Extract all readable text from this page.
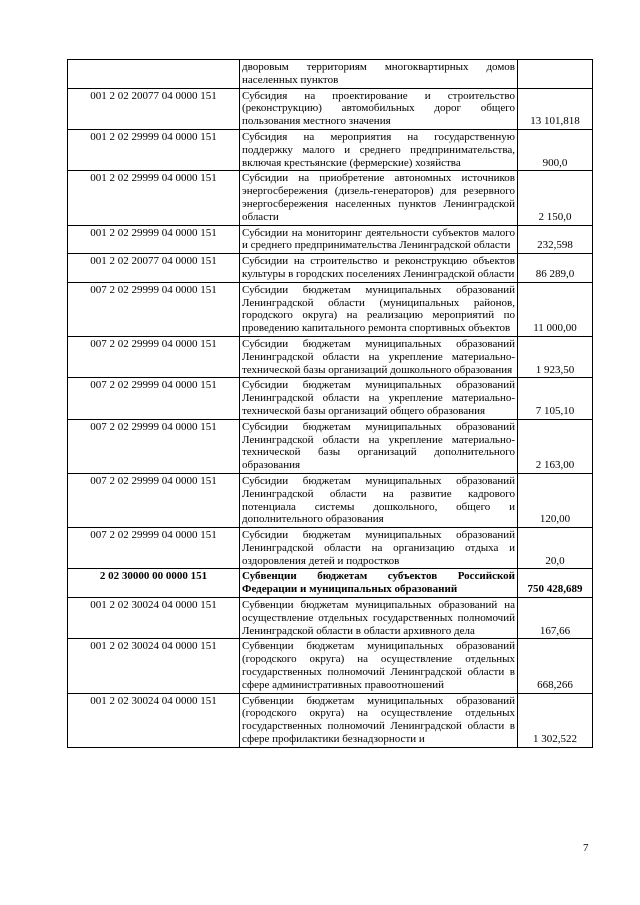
	дворовым территориям многоквартирных домов населенных пунктов	
001 2 02 20077 04 0000 151	Субсидия на проектирование и строительство (реконструкцию) автомобильных дорог общего пользования местного значения	13 101,818
001 2 02 29999 04 0000 151	Субсидия на мероприятия на государственную поддержку малого и среднего предпринимательства, включая крестьянские (фермерские) хозяйства	900,0
001 2 02 29999 04 0000 151	Субсидии на приобретение автономных источников энергосбережения (дизель-генераторов) для резервного энергосбережения населенных пунктов Ленинградской области	2 150,0
001 2 02 29999 04 0000 151	Субсидии на мониторинг деятельности субъектов малого и среднего предпринимательства Ленинградской области	232,598
001 2 02 20077 04 0000 151	Субсидии на строительство и реконструкцию объектов культуры в городских поселениях Ленинградской области	86 289,0
007 2 02 29999 04 0000 151	Субсидии бюджетам муниципальных образований Ленинградской области (муниципальных районов, городского округа) на реализацию мероприятий по проведению капитального ремонта спортивных объектов	11 000,00
007 2 02 29999 04 0000 151	Субсидии бюджетам муниципальных образований Ленинградской области на укрепление материально-технической базы организаций дошкольного образования	1 923,50
007 2 02 29999 04 0000 151	Субсидии бюджетам муниципальных образований Ленинградской области на укрепление материально-технической базы организаций общего образования	7 105,10
007 2 02 29999 04 0000 151	Субсидии бюджетам муниципальных образований Ленинградской области на укрепление материально-технической базы организаций дополнительного образования	2 163,00
007 2 02 29999 04 0000 151	Субсидии бюджетам муниципальных образований Ленинградской области на развитие кадрового потенциала системы дошкольного, общего и дополнительного образования	120,00
007 2 02 29999 04 0000 151	Субсидии бюджетам муниципальных образований Ленинградской области на организацию отдыха и оздоровления детей и подростков	20,0
2 02 30000 00 0000 151	Субвенции бюджетам субъектов Российской Федерации и муниципальных образований	750 428,689
001 2 02 30024 04 0000 151	Субвенции бюджетам муниципальных образований на осуществление отдельных государственных полномочий Ленинградской области в области архивного дела	167,66
001 2 02 30024 04 0000 151	Субвенции бюджетам муниципальных образований (городского округа) на осуществление отдельных государственных полномочий Ленинградской области в сфере административных правоотношений	668,266
001 2 02 30024 04 0000 151	Субвенции бюджетам муниципальных образований (городского округа) на осуществление отдельных государственных полномочий Ленинградской области в сфере профилактики безнадзорности и	1 302,522
7
